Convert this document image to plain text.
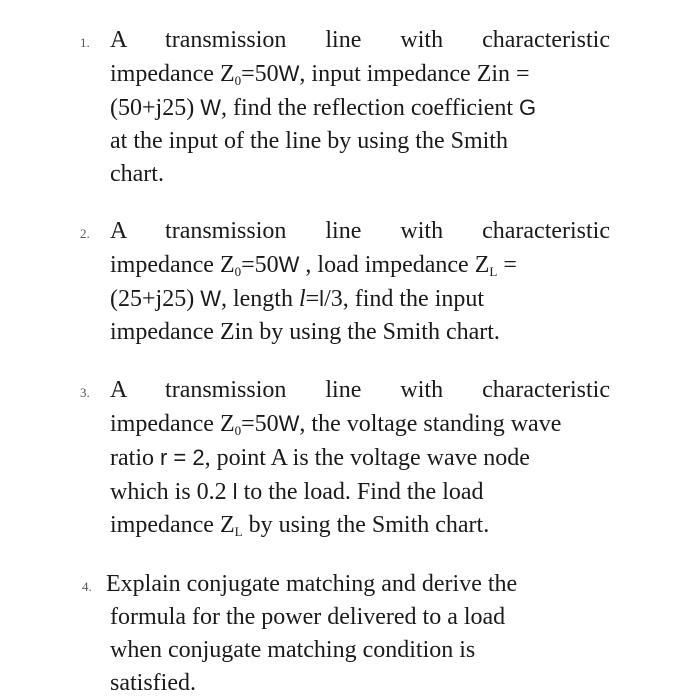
1. A transmission line with characteristic
impedance $Z_0=50W$, input impedance Zin =
(50+j25) W, find the reflection coefficient G
at the input of the line by using the Smith
chart.
2. A transmission line with characteristic
impedance $Z_0=50W$ , load impedance $Z_L$ =
(25+j25) W, length l=l/3, find the input
impedance Zin by using the Smith chart.
3. A transmission line with characteristic
impedance $Z_0=50W$, the voltage standing wave
ratio r = 2, point A is the voltage wave node
which is 0.2 l to the load. Find the load
impedance $Z_L$ by using the Smith chart.
4. Explain conjugate matching and derive the
formula for the power delivered to a load
when conjugate matching condition is
satisfied.
